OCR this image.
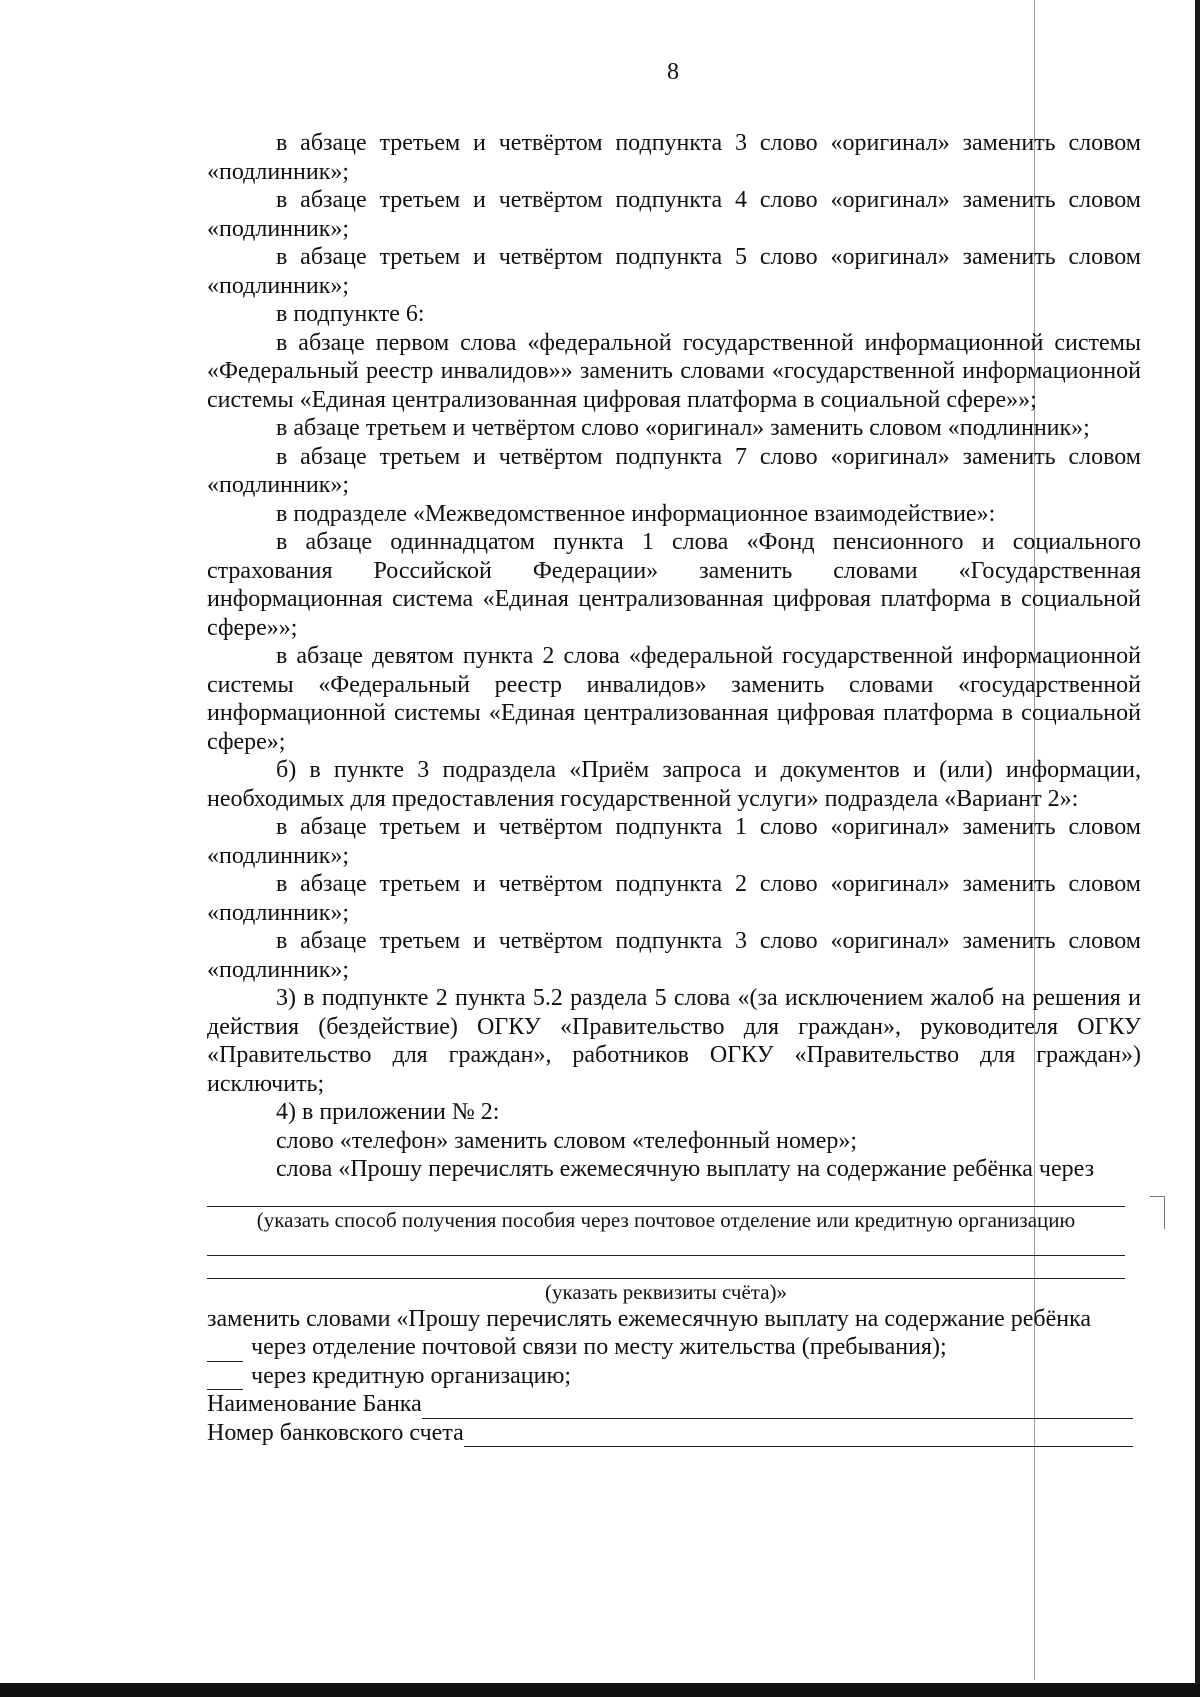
8

в абзаце третьем и четвёртом подпункта 3 слово «оригинал» заменить словом «подлинник»;

в абзаце третьем и четвёртом подпункта 4 слово «оригинал» заменить словом «подлинник»;

в абзаце третьем и четвёртом подпункта 5 слово «оригинал» заменить словом «подлинник»;

в подпункте 6:

в абзаце первом слова «федеральной государственной информационной системы «Федеральный реестр инвалидов»» заменить словами «государственной информационной системы «Единая централизованная цифровая платформа в социальной сфере»»;

в абзаце третьем и четвёртом слово «оригинал» заменить словом «подлинник»;

в абзаце третьем и четвёртом подпункта 7 слово «оригинал» заменить словом «подлинник»;

в подразделе «Межведомственное информационное взаимодействие»:

в абзаце одиннадцатом пункта 1 слова «Фонд пенсионного и социального страхования Российской Федерации» заменить словами «Государственная информационная система «Единая централизованная цифровая платформа в социальной сфере»»;

в абзаце девятом пункта 2 слова «федеральной государственной информационной системы «Федеральный реестр инвалидов» заменить словами «государственной информационной системы «Единая централизованная цифровая платформа в социальной сфере»;

б) в пункте 3 подраздела «Приём запроса и документов и (или) информации, необходимых для предоставления государственной услуги» подраздела «Вариант 2»:

в абзаце третьем и четвёртом подпункта 1 слово «оригинал» заменить словом «подлинник»;

в абзаце третьем и четвёртом подпункта 2 слово «оригинал» заменить словом «подлинник»;

в абзаце третьем и четвёртом подпункта 3 слово «оригинал» заменить словом «подлинник»;

3) в подпункте 2 пункта 5.2 раздела 5 слова «(за исключением жалоб на решения и действия (бездействие) ОГКУ «Правительство для граждан», руководителя ОГКУ «Правительство для граждан», работников ОГКУ «Правительство для граждан») исключить;

4) в приложении № 2:

слово «телефон» заменить словом «телефонный номер»;

слова «Прошу перечислять ежемесячную выплату на содержание ребёнка через

(указать способ получения пособия через почтовое отделение или кредитную организацию
(указать реквизиты счёта)»

заменить словами «Прошу перечислять ежемесячную выплату на содержание ребёнка

через отделение почтовой связи по месту жительства (пребывания);
через кредитную организацию;
Наименование Банка
Номер банковского счета
